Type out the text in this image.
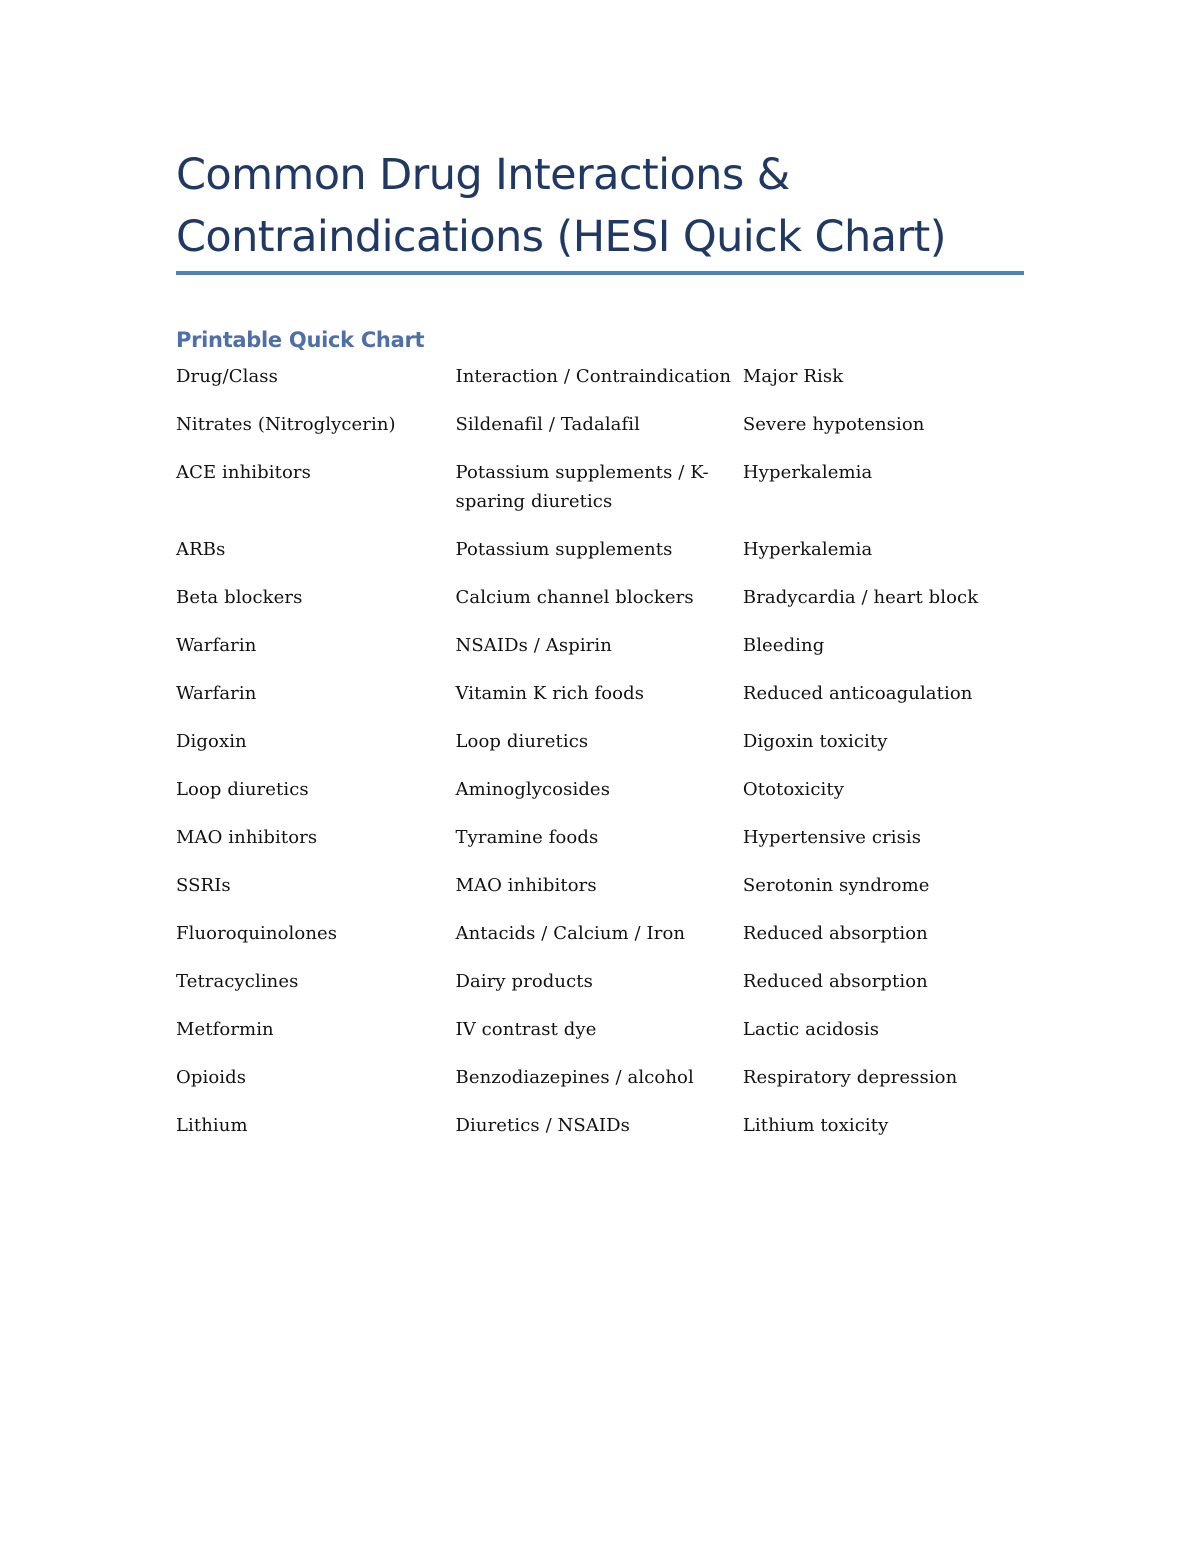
Common Drug Interactions &
Contraindications (HESI Quick Chart)
Printable Quick Chart
Drug/Class	Interaction / Contraindication	Major Risk
Nitrates (Nitroglycerin)	Sildenafil / Tadalafil	Severe hypotension
ACE inhibitors	Potassium supplements / K-sparing diuretics	Hyperkalemia
ARBs	Potassium supplements	Hyperkalemia
Beta blockers	Calcium channel blockers	Bradycardia / heart block
Warfarin	NSAIDs / Aspirin	Bleeding
Warfarin	Vitamin K rich foods	Reduced anticoagulation
Digoxin	Loop diuretics	Digoxin toxicity
Loop diuretics	Aminoglycosides	Ototoxicity
MAO inhibitors	Tyramine foods	Hypertensive crisis
SSRIs	MAO inhibitors	Serotonin syndrome
Fluoroquinolones	Antacids / Calcium / Iron	Reduced absorption
Tetracyclines	Dairy products	Reduced absorption
Metformin	IV contrast dye	Lactic acidosis
Opioids	Benzodiazepines / alcohol	Respiratory depression
Lithium	Diuretics / NSAIDs	Lithium toxicity
